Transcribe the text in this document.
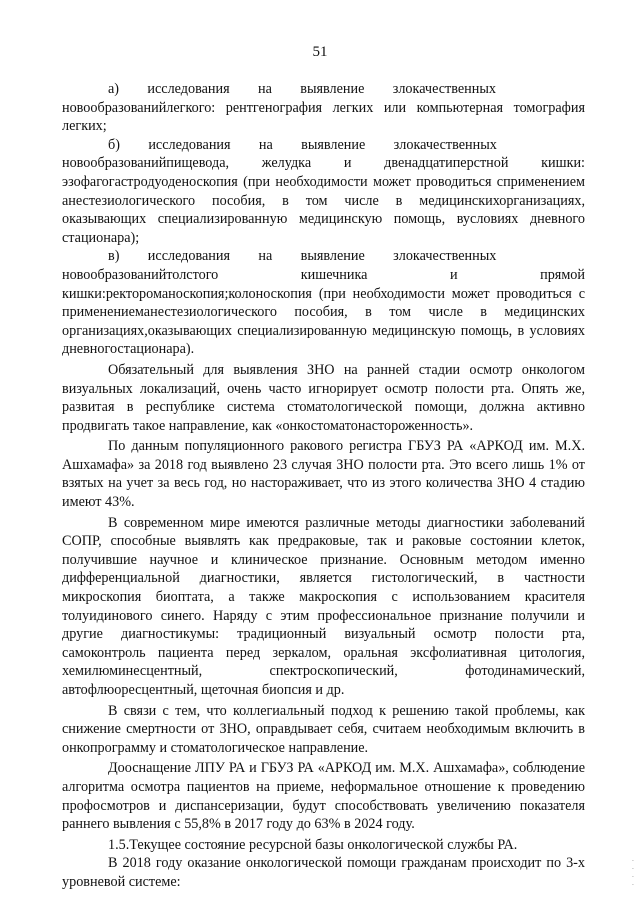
51

а)  исследования  на  выявление  злокачественных новообразованийлегкого: рентгенография легких или компьютерная томография легких;

б)  исследования  на  выявление  злокачественных новообразованийпищевода, желудка и двенадцатиперстной кишки: эзофагогастродуоденоскопия (при необходимости может проводиться сприменением анестезиологического пособия, в том числе в медицинскихорганизациях, оказывающих специализированную медицинскую помощь, вусловиях дневного стационара);

в)  исследования  на  выявление  злокачественных новообразованийтолстого кишечника и прямой кишки:ректороманоскопия;колоноскопия (при необходимости может проводиться с применениеманестезиологического пособия, в том числе в медицинских организациях,оказывающих специализированную медицинскую помощь, в условиях дневногостационара).

Обязательный для выявления ЗНО на ранней стадии осмотр онкологом визуальных локализаций, очень часто игнорирует осмотр полости рта. Опять же, развитая в республике система стоматологической помощи, должна активно продвигать такое направление, как «онкостоматонастороженность».

По данным популяционного ракового регистра ГБУЗ РА «АРКОД им. М.Х. Ашхамафа» за 2018 год выявлено 23 случая ЗНО полости рта. Это всего лишь 1% от взятых на учет за весь год, но настораживает, что из этого количества ЗНО 4 стадию имеют 43%.

В современном мире имеются различные методы диагностики заболеваний СОПР, способные выявлять как предраковые, так и раковые состоянии клеток, получившие научное и клиническое признание. Основным методом именно дифференциальной диагностики, является гистологический, в частности микроскопия биоптата, а также макроскопия с использованием красителя толуидинового синего. Наряду с этим профессиональное признание получили и другие диагностикумы: традиционный визуальный осмотр полости рта, самоконтроль пациента перед зеркалом, оральная эксфолиативная цитология, хемилюминесцентный, спектроскопический, фотодинамический, автофлюоресцентный, щеточная биопсия и др.

В связи с тем, что коллегиальный подход к решению такой проблемы, как снижение смертности от ЗНО, оправдывает себя, считаем необходимым включить в онкопрограмму и стоматологическое направление.

Дооснащение ЛПУ РА и ГБУЗ РА «АРКОД им. М.Х. Ашхамафа», соблюдение алгоритма осмотра пациентов на приеме, неформальное отношение к проведению профосмотров и диспансеризации, будут способствовать увеличению показателя раннего вывления с 55,8% в 2017 году до 63% в 2024 году.

1.5.Текущее состояние ресурсной базы онкологической службы РА.

В 2018 году оказание онкологической помощи гражданам происходит по 3-х уровневой системе:

·
·
·
·
